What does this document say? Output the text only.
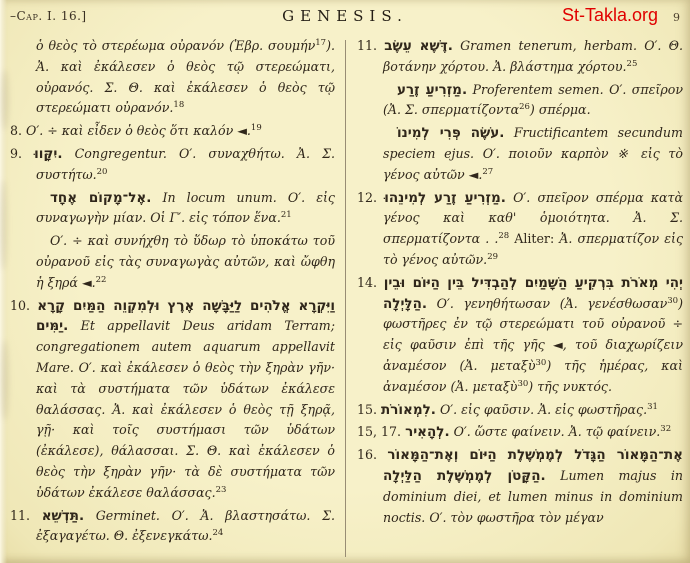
–Cap. I. 16.]	GENESIS.	St-Takla.org 9

ὁ θεὸς τὸ στερέωμα οὐρανόν (Ἑβρ. σουμήν$^{17}$). Ἀ. καὶ ἐκάλεσεν ὁ θεὸς τῷ στερεώματι, οὐρανός. Σ. Θ. καὶ ἐκάλεσεν ὁ θεὸς τῷ στερεώματι οὐρανόν.$^{18}$

8. Ο′. ÷ καὶ εἶδεν ὁ θεὸς ὅτι καλόν ◄.$^{19}$

9. יִקָּווּ. Congregentur. Ο′. συναχθήτω. Ἀ. Σ. συστήτω.$^{20}$

אֶל־מָקוֹם אֶחָד. In locum unum. Ο′. εἰς συναγωγὴν μίαν. Οἱ Γ′. εἰς τόπον ἕνα.$^{21}$

Ο′. ÷ καὶ συνήχθη τὸ ὕδωρ τὸ ὑποκάτω τοῦ οὐρανοῦ εἰς τὰς συναγωγὰς αὐτῶν, καὶ ὤφθη ἡ ξηρά ◄.$^{22}$

10. וַיִּקְרָא אֱלֹהִים לַיַּבָּשָׁה אֶרֶץ וּלְמִקְוֵה הַמַּיִם קָרָא יַמִּים. Et appellavit Deus aridam Terram; congregationem autem aquarum appellavit Mare. Ο′. καὶ ἐκάλεσεν ὁ θεὸς τὴν ξηρὰν γῆν· καὶ τὰ συστήματα τῶν ὑδάτων ἐκάλεσε θαλάσσας. Ἀ. καὶ ἐκάλεσεν ὁ θεὸς τῇ ξηρᾷ, γῇ· καὶ τοῖς συστήμασι τῶν ὑδάτων (ἐκάλεσε), θάλασσαι. Σ. Θ. καὶ ἐκάλεσεν ὁ θεὸς τὴν ξηρὰν γῆν· τὰ δὲ συστήματα τῶν ὑδάτων ἐκάλεσε θαλάσσας.$^{23}$

11. תַּדְשֵׁא. Germinet. Ο′. Ἀ. βλαστησάτω. Σ. ἐξαγαγέτω. Θ. ἐξενεγκάτω.$^{24}$

11. דֶּשֶׁא עֵשֶׂב. Gramen tenerum, herbam. Ο′. Θ. βοτάνην χόρτου. Ἀ. βλάστημα χόρτου.$^{25}$

מַזְרִיעַ זֶרַע. Proferentem semen. Ο′. σπεῖρον (Ἀ. Σ. σπερματίζοντα$^{26}$) σπέρμα.

עֹשֶׂה פְּרִי לְמִינוֹ. Fructificantem secundum speciem ejus. Ο′. ποιοῦν καρπὸν ※ εἰς τὸ γένος αὐτῶν ◄.$^{27}$

12. מַזְרִיעַ זֶרַע לְמִינֵהוּ. Ο′. σπεῖρον σπέρμα κατὰ γένος καὶ καθ' ὁμοιότητα. Ἀ. Σ. σπερματίζοντα . .$^{28}$ Aliter: Ἀ. σπερματίζον εἰς τὸ γένος αὐτῶν.$^{29}$

14. יְהִי מְאֹרֹת בִּרְקִיעַ הַשָּׁמַיִם לְהַבְדִּיל בֵּין הַיּוֹם וּבֵין הַלָּיְלָה. Ο′. γενηθήτωσαν (Ἀ. γενέσθωσαν$^{30}$) φωστῆρες ἐν τῷ στερεώματι τοῦ οὐρανοῦ ÷ εἰς φαῦσιν ἐπὶ τῆς γῆς ◄, τοῦ διαχωρίζειν ἀναμέσον (Ἀ. μεταξὺ$^{30}$) τῆς ἡμέρας, καὶ ἀναμέσον (Ἀ. μεταξὺ$^{30}$) τῆς νυκτός.

15. לִמְאוֹרֹת. Ο′. εἰς φαῦσιν. Ἀ. εἰς φωστῆρας.$^{31}$

15, 17. לְהָאִיר. Ο′. ὥστε φαίνειν. Ἀ. τῷ φαίνειν.$^{32}$

16. אֶת־הַמָּאוֹר הַגָּדֹל לְמֶמְשֶׁלֶת הַיּוֹם וְאֶת־הַמָּאוֹר הַקָּטֹן לְמֶמְשֶׁלֶת הַלַּיְלָה. Lumen majus in dominium diei, et lumen minus in dominium noctis. Ο′. τὸν φωστῆρα τὸν μέγαν
